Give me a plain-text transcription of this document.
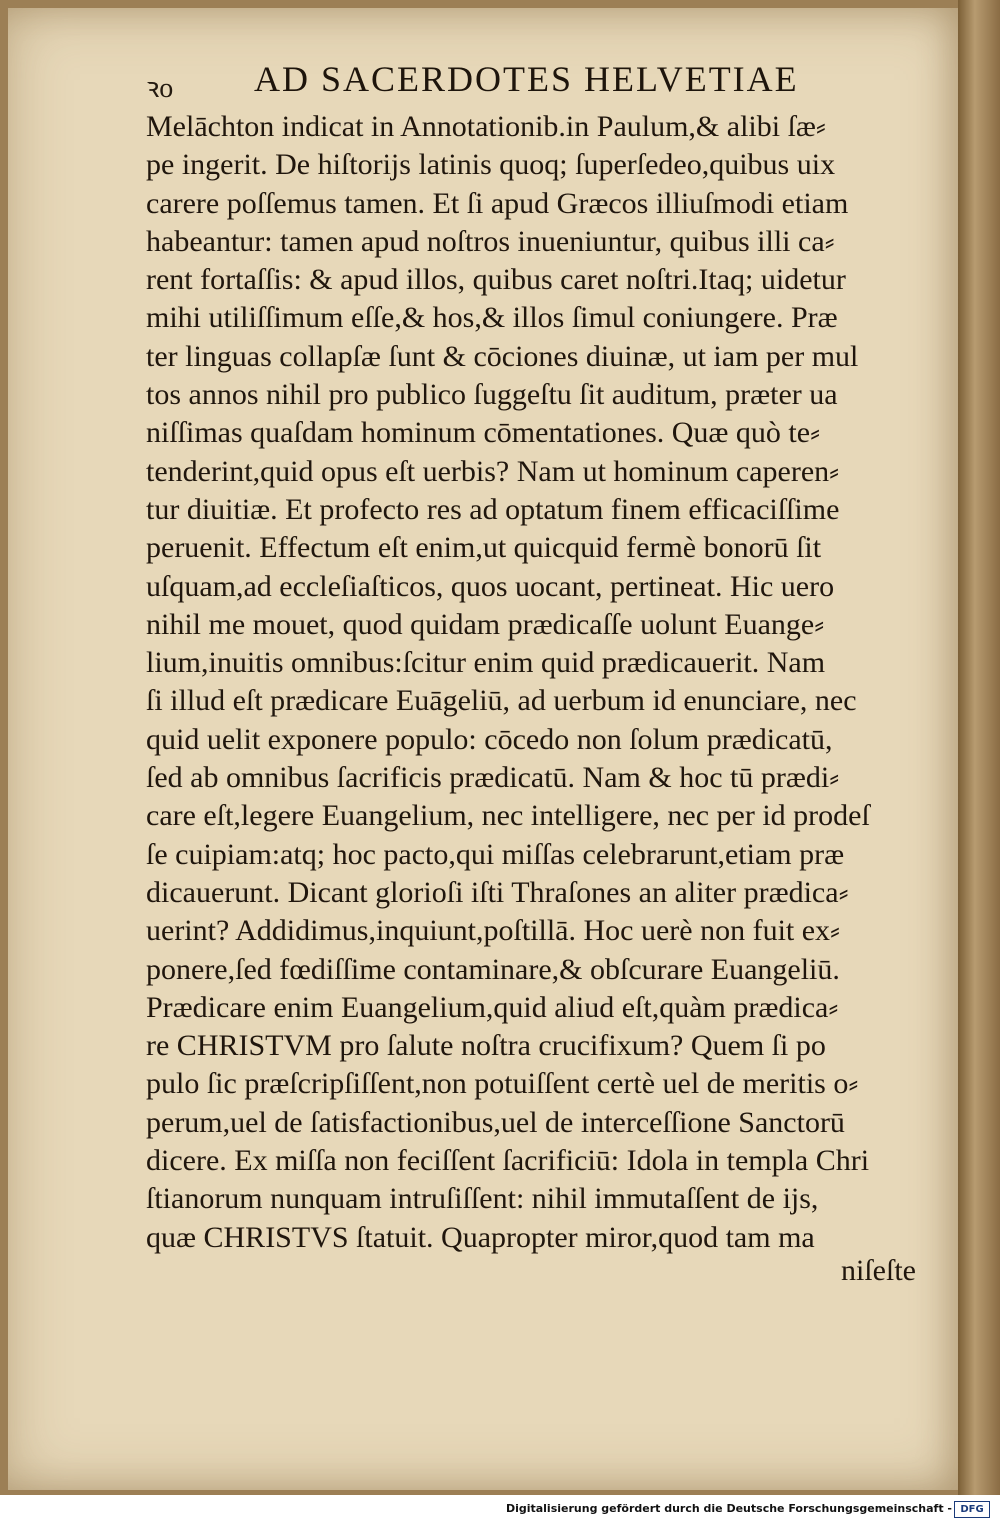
ꝛo AD SACERDOTES HELVETIAE
Melāchton indicat in Annotationib.in Paulum,& alibi ſæ⸗
pe ingerit. De hiſtorijs latinis quoq; ſuperſedeo,quibus uix
carere poſſemus tamen. Et ſi apud Græcos illiuſmodi etiam
habeantur: tamen apud noſtros inueniuntur, quibus illi ca⸗
rent fortaſſis: & apud illos, quibus caret noſtri.Itaq; uidetur
mihi utiliſſimum eſſe,& hos,& illos ſimul coniungere. Præ
ter linguas collapſæ ſunt & cōciones diuinæ, ut iam per mul
tos annos nihil pro publico ſuggeſtu ſit auditum, præter ua
niſſimas quaſdam hominum cōmentationes. Quæ quò te⸗
tenderint,quid opus eſt uerbis? Nam ut hominum caperen⸗
tur diuitiæ. Et profecto res ad optatum finem efficaciſſime
peruenit. Effectum eſt enim,ut quicquid fermè bonorū ſit
uſquam,ad eccleſiaſticos, quos uocant, pertineat. Hic uero
nihil me mouet, quod quidam prædicaſſe uolunt Euange⸗
lium,inuitis omnibus:ſcitur enim quid prædicauerit. Nam
ſi illud eſt prædicare Euāgeliū, ad uerbum id enunciare, nec
quid uelit exponere populo: cōcedo non ſolum prædicatū,
ſed ab omnibus ſacrificis prædicatū. Nam & hoc tū prædi⸗
care eſt,legere Euangelium, nec intelligere, nec per id prodeſ
ſe cuipiam:atq; hoc pacto,qui miſſas celebrarunt,etiam præ
dicauerunt. Dicant glorioſi iſti Thraſones an aliter prædica⸗
uerint? Addidimus,inquiunt,poſtillā. Hoc uerè non fuit ex⸗
ponere,ſed fœdiſſime contaminare,& obſcurare Euangeliū.
Prædicare enim Euangelium,quid aliud eſt,quàm prædica⸗
re CHRISTVM pro ſalute noſtra crucifixum? Quem ſi po
pulo ſic præſcripſiſſent,non potuiſſent certè uel de meritis o⸗
perum,uel de ſatisfactionibus,uel de interceſſione Sanctorū
dicere. Ex miſſa non feciſſent ſacrificiū: Idola in templa Chri
ſtianorum nunquam intruſiſſent: nihil immutaſſent de ijs,
quæ CHRISTVS ſtatuit. Quapropter miror,quod tam ma
niſeſte
Digitalisierung gefördert durch die Deutsche Forschungsgemeinschaft - DFG
